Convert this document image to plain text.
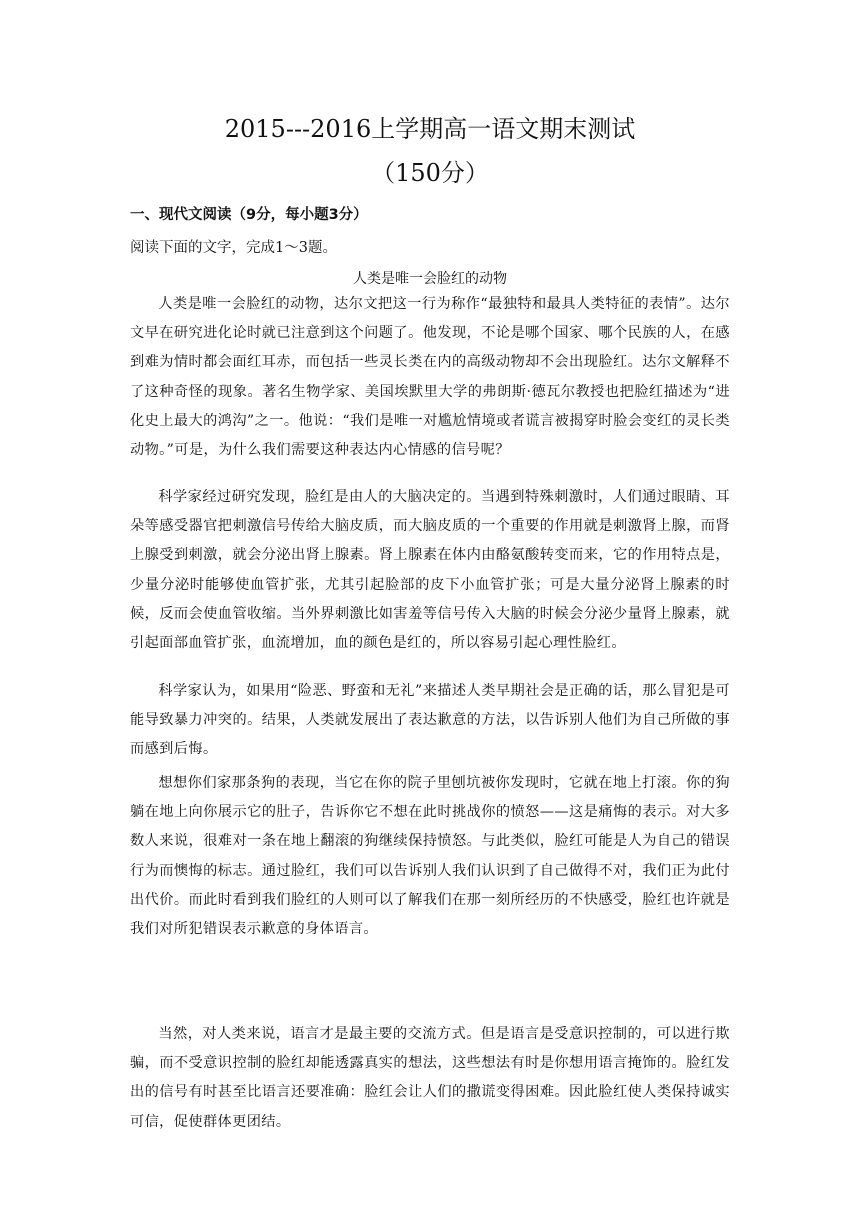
2015---2016上学期高一语文期末测试
（150分）
一、现代文阅读（9分，每小题3分）
阅读下面的文字，完成1～3题。
人类是唯一会脸红的动物

人类是唯一会脸红的动物，达尔文把这一行为称作“最独特和最具人类特征的表情”。达尔文早在研究进化论时就已注意到这个问题了。他发现，不论是哪个国家、哪个民族的人，在感到难为情时都会面红耳赤，而包括一些灵长类在内的高级动物却不会出现脸红。达尔文解释不了这种奇怪的现象。著名生物学家、美国埃默里大学的弗朗斯·德瓦尔教授也把脸红描述为“进化史上最大的鸿沟”之一。他说：“我们是唯一对尴尬情境或者谎言被揭穿时脸会变红的灵长类动物。”可是，为什么我们需要这种表达内心情感的信号呢？

科学家经过研究发现，脸红是由人的大脑决定的。当遇到特殊刺激时，人们通过眼睛、耳朵等感受器官把刺激信号传给大脑皮质，而大脑皮质的一个重要的作用就是刺激肾上腺，而肾上腺受到刺激，就会分泌出肾上腺素。肾上腺素在体内由酪氨酸转变而来，它的作用特点是，少量分泌时能够使血管扩张，尤其引起脸部的皮下小血管扩张；可是大量分泌肾上腺素的时候，反而会使血管收缩。当外界刺激比如害羞等信号传入大脑的时候会分泌少量肾上腺素，就引起面部血管扩张，血流增加，血的颜色是红的，所以容易引起心理性脸红。

科学家认为，如果用“险恶、野蛮和无礼”来描述人类早期社会是正确的话，那么冒犯是可能导致暴力冲突的。结果，人类就发展出了表达歉意的方法，以告诉别人他们为自己所做的事而感到后悔。

想想你们家那条狗的表现，当它在你的院子里刨坑被你发现时，它就在地上打滚。你的狗躺在地上向你展示它的肚子，告诉你它不想在此时挑战你的愤怒——这是痛悔的表示。对大多数人来说，很难对一条在地上翻滚的狗继续保持愤怒。与此类似，脸红可能是人为自己的错误行为而懊悔的标志。通过脸红，我们可以告诉别人我们认识到了自己做得不对，我们正为此付出代价。而此时看到我们脸红的人则可以了解我们在那一刻所经历的不快感受，脸红也许就是我们对所犯错误表示歉意的身体语言。

当然，对人类来说，语言才是最主要的交流方式。但是语言是受意识控制的，可以进行欺骗，而不受意识控制的脸红却能透露真实的想法，这些想法有时是你想用语言掩饰的。脸红发出的信号有时甚至比语言还要准确：脸红会让人们的撒谎变得困难。因此脸红使人类保持诚实可信，促使群体更团结。
